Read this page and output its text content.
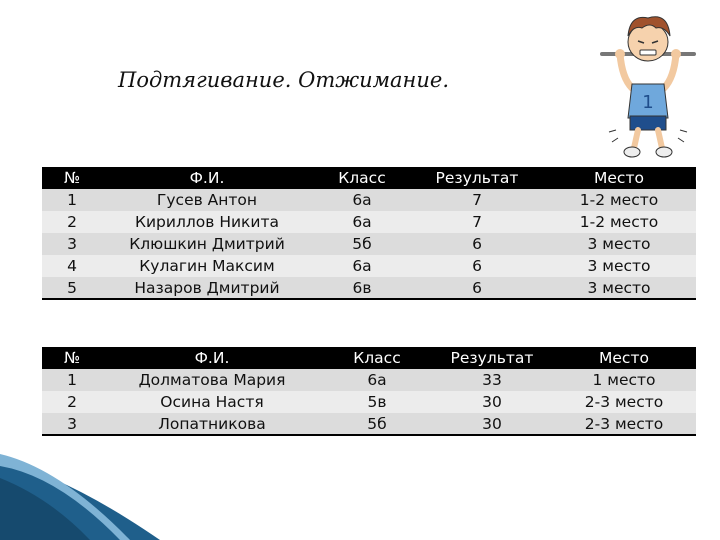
Подтягивание. Отжимание.
1
№	Ф.И.	Класс	Результат	Место
1	Гусев Антон	6а	7	1-2 место
2	Кириллов Никита	6а	7	1-2 место
3	Клюшкин Дмитрий	5б	6	3 место
4	Кулагин Максим	6а	6	3 место
5	Назаров Дмитрий	6в	6	3 место
№	Ф.И.	Класс	Результат	Место
1	Долматова Мария	6а	33	1 место
2	Осина Настя	5в	30	2-3 место
3	Лопатникова	5б	30	2-3 место
